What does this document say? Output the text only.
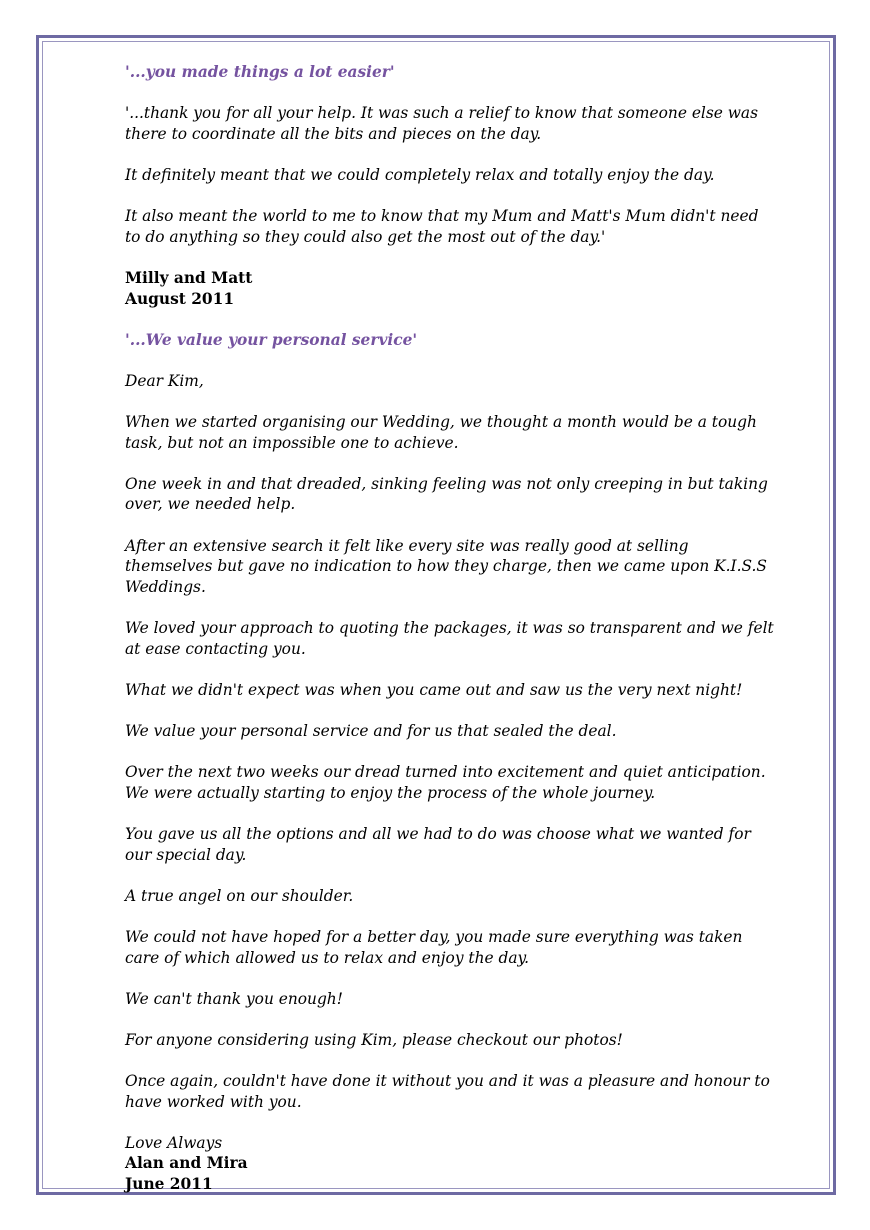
'...you made things a lot easier'

'...thank you for all your help. It was such a relief to know that someone else was there to coordinate all the bits and pieces on the day.

It definitely meant that we could completely relax and totally enjoy the day.

It also meant the world to me to know that my Mum and Matt's Mum didn't need to do anything so they could also get the most out of the day.'

Milly and Matt
August 2011

'...We value your personal service'

Dear Kim,

When we started organising our Wedding, we thought a month would be a tough task, but not an impossible one to achieve.

One week in and that dreaded, sinking feeling was not only creeping in but taking over, we needed help.

After an extensive search it felt like every site was really good at selling themselves but gave no indication to how they charge, then we came upon K.I.S.S Weddings.

We loved your approach to quoting the packages, it was so transparent and we felt at ease contacting you.

What we didn't expect was when you came out and saw us the very next night!

We value your personal service and for us that sealed the deal.

Over the next two weeks our dread turned into excitement and quiet anticipation. We were actually starting to enjoy the process of the whole journey.

You gave us all the options and all we had to do was choose what we wanted for our special day.

A true angel on our shoulder.

We could not have hoped for a better day, you made sure everything was taken care of which allowed us to relax and enjoy the day.

We can't thank you enough!

For anyone considering using Kim, please checkout our photos!

Once again, couldn't have done it without you and it was a pleasure and honour to have worked with you.

Love Always
Alan and Mira
June 2011
